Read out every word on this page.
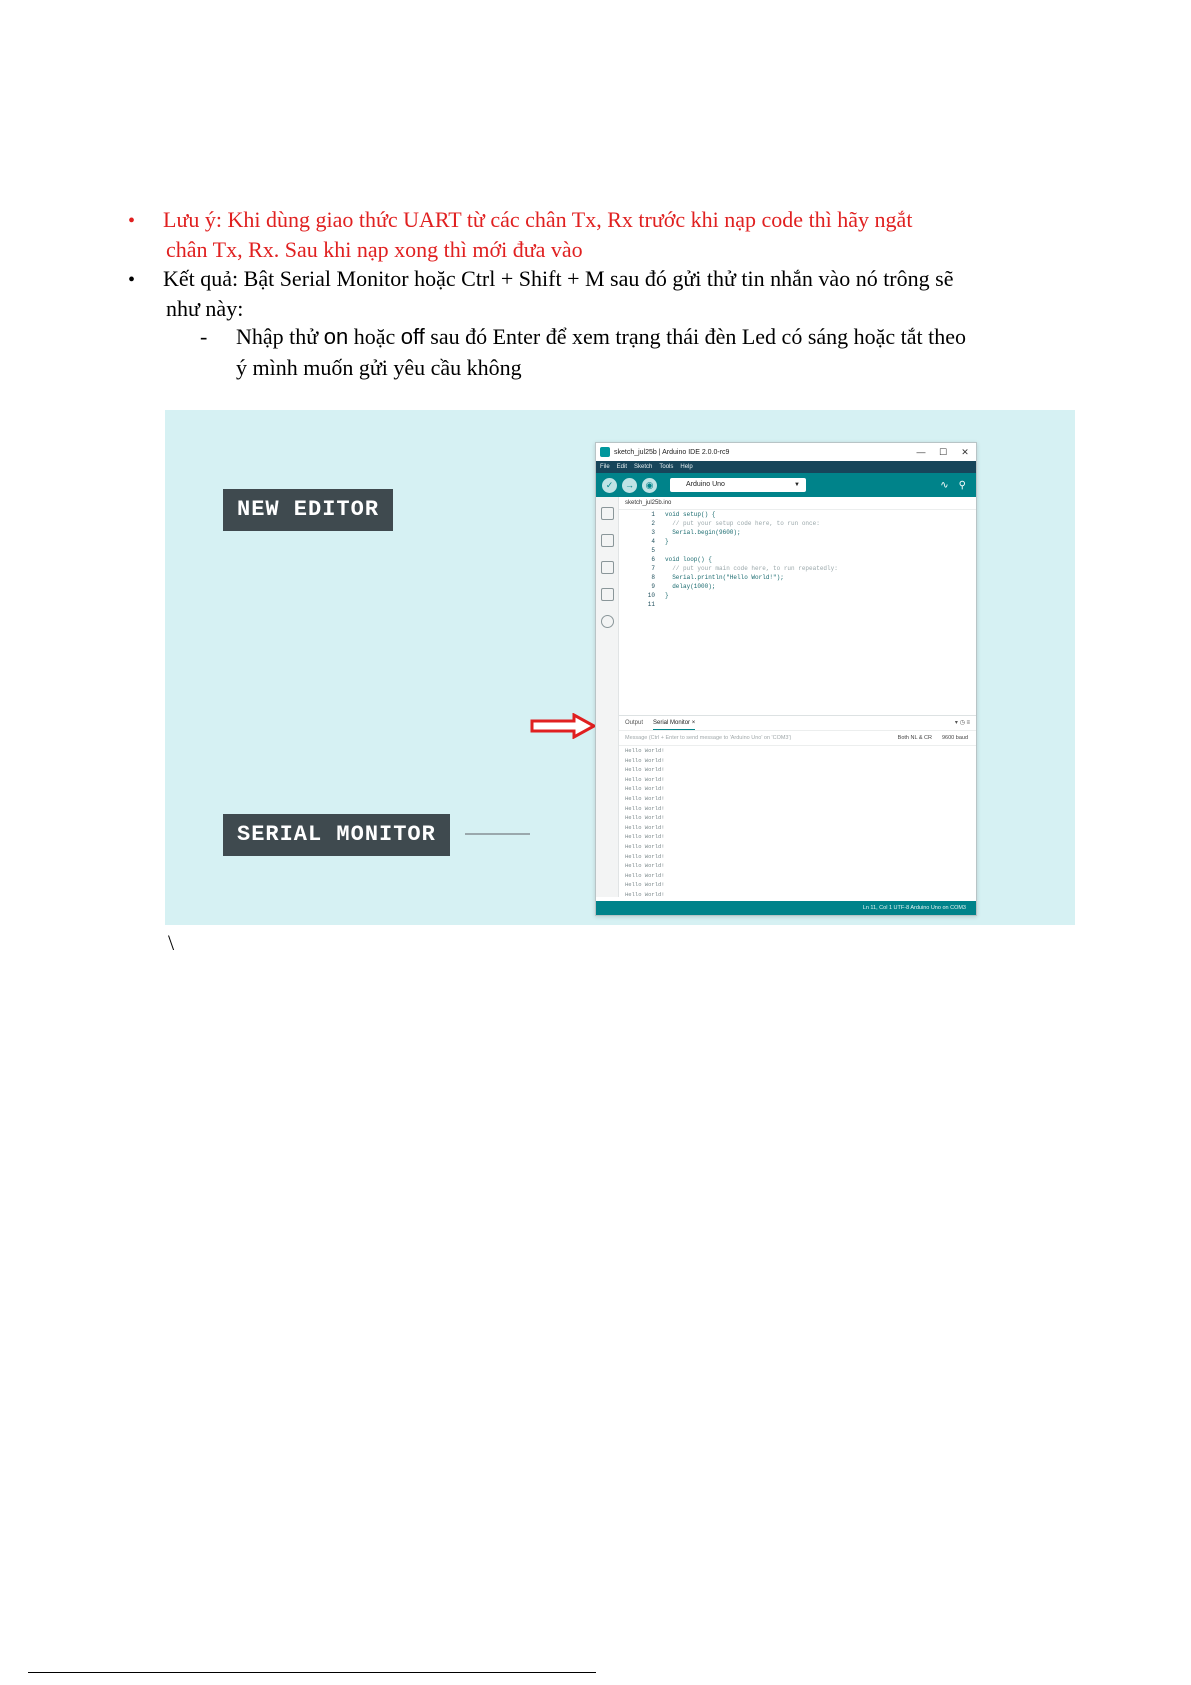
• Lưu ý: Khi dùng giao thức UART từ các chân Tx, Rx trước khi nạp code thì hãy ngắt
chân Tx, Rx. Sau khi nạp xong thì mới đưa vào
• Kết quả: Bật Serial Monitor hoặc Ctrl + Shift + M sau đó gửi thử tin nhắn vào nó trông sẽ
như này:
- Nhập thử on hoặc off sau đó Enter để xem trạng thái đèn Led có sáng hoặc tắt theo
ý mình muốn gửi yêu cầu không
NEW EDITOR
SERIAL MONITOR
sketch_jul25b | Arduino IDE 2.0.0-rc9	—	☐	✕
File Edit Sketch Tools Help
✓	→	◉	Arduino Uno	▼	∿ ⚲
sketch_jul25b.ino
1	void setup() {
2	// put your setup code here, to run once:
3	Serial.begin(9600);
4	}
5
6	void loop() {
7	// put your main code here, to run repeatedly:
8	Serial.println("Hello World!");
9	delay(1000);
10	}
11
Output Serial Monitor ×	▾ ◷ ≡
Message (Ctrl + Enter to send message to 'Arduino Uno' on 'COM3')	Both NL & CR 9600 baud
Hello World!
Hello World!
Hello World!
Hello World!
Hello World!
Hello World!
Hello World!
Hello World!
Hello World!
Hello World!
Hello World!
Hello World!
Hello World!
Hello World!
Hello World!
Hello World!
Ln 11, Col 1 UTF-8 Arduino Uno on COM3
\
